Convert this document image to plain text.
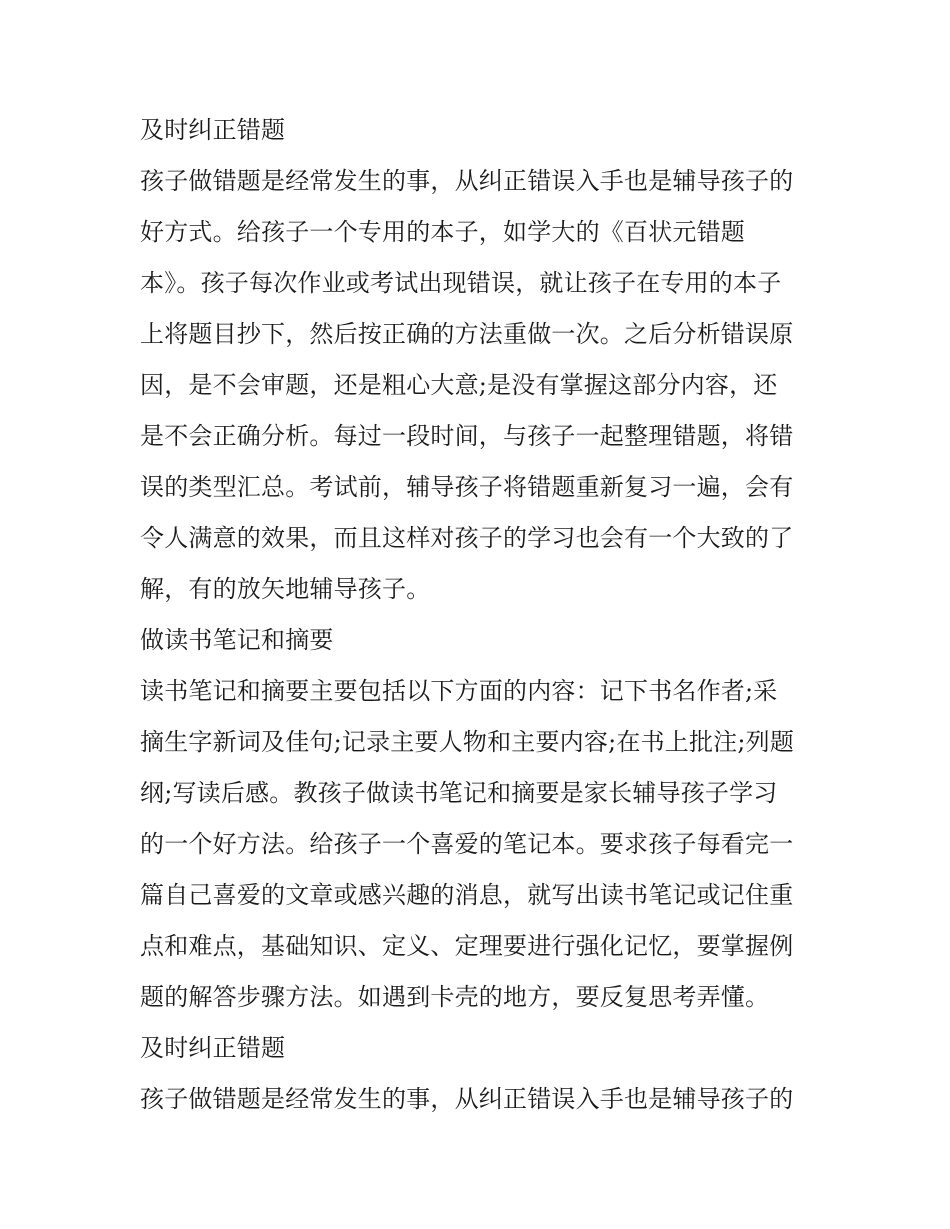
及时纠正错题
孩子做错题是经常发生的事，从纠正错误入手也是辅导孩子的
好方式。给孩子一个专用的本子，如学大的《百状元错题
本》。孩子每次作业或考试出现错误，就让孩子在专用的本子
上将题目抄下，然后按正确的方法重做一次。之后分析错误原
因，是不会审题，还是粗心大意;是没有掌握这部分内容，还
是不会正确分析。每过一段时间，与孩子一起整理错题，将错
误的类型汇总。考试前，辅导孩子将错题重新复习一遍，会有
令人满意的效果，而且这样对孩子的学习也会有一个大致的了
解，有的放矢地辅导孩子。
做读书笔记和摘要
读书笔记和摘要主要包括以下方面的内容：记下书名作者;采
摘生字新词及佳句;记录主要人物和主要内容;在书上批注;列题
纲;写读后感。教孩子做读书笔记和摘要是家长辅导孩子学习
的一个好方法。给孩子一个喜爱的笔记本。要求孩子每看完一
篇自己喜爱的文章或感兴趣的消息，就写出读书笔记或记住重
点和难点，基础知识、定义、定理要进行强化记忆，要掌握例
题的解答步骤方法。如遇到卡壳的地方，要反复思考弄懂。
及时纠正错题
孩子做错题是经常发生的事，从纠正错误入手也是辅导孩子的
